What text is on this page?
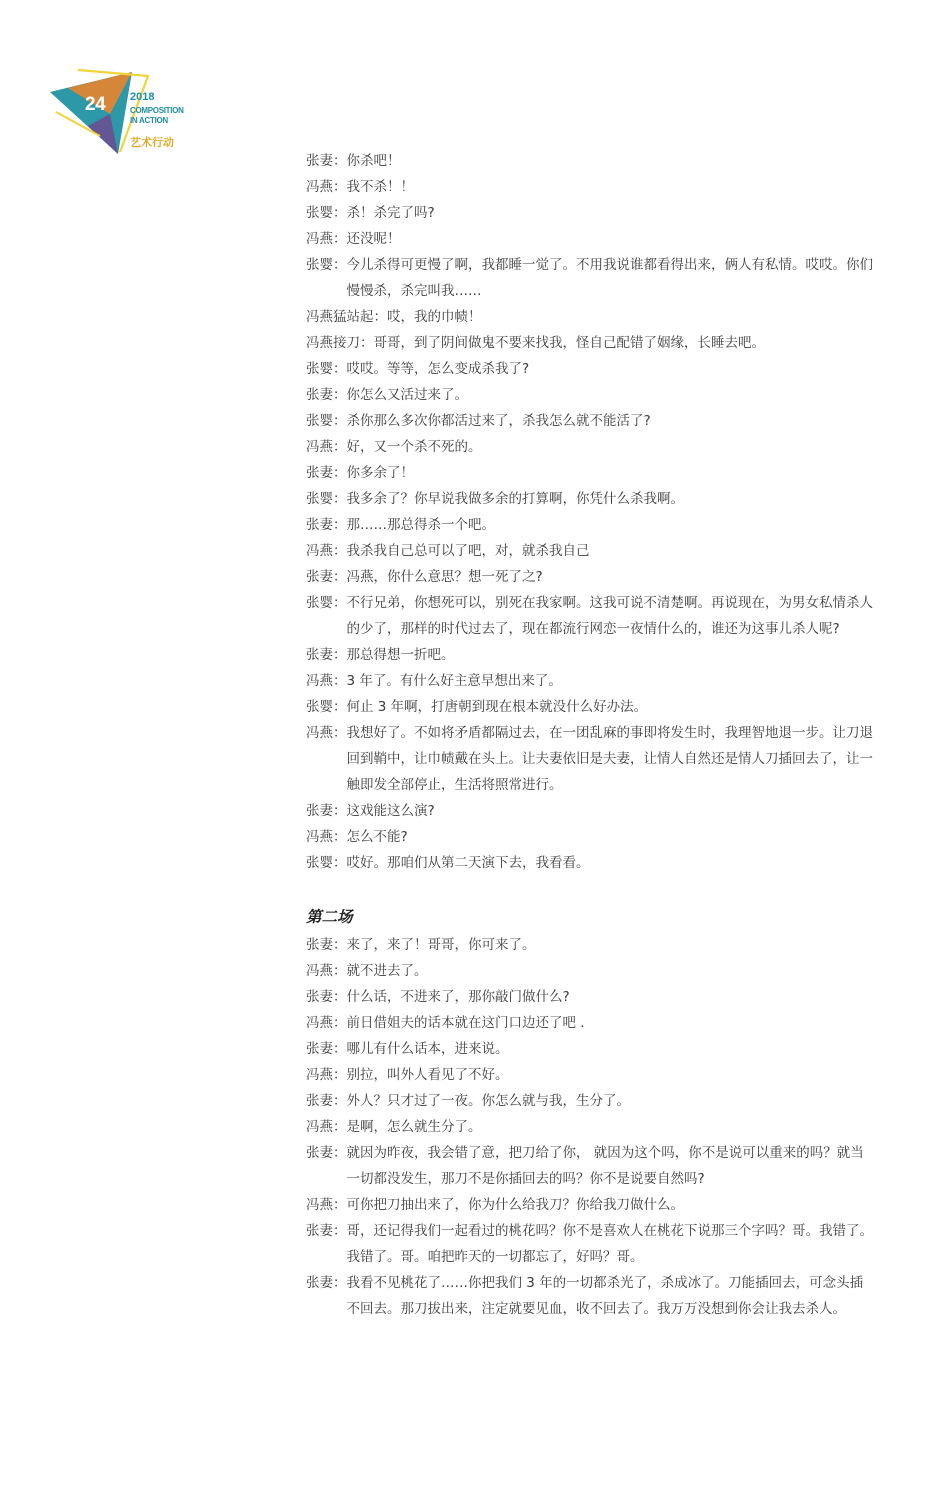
24 2018
COMPOSITION
IN ACTION
艺术行动
张妻： 你杀吧！
冯燕： 我不杀！！
张婴： 杀！杀完了吗?
冯燕： 还没呢！
张婴： 今儿杀得可更慢了啊，我都睡一觉了。不用我说谁都看得出来，俩人有私情。哎哎。你们慢慢杀，杀完叫我……
冯燕猛站起： 哎，我的巾帻！
冯燕接刀： 哥哥，到了阴间做鬼不要来找我，怪自己配错了姻缘，长睡去吧。
张婴： 哎哎。等等，怎么变成杀我了?
张妻： 你怎么又活过来了。
张婴： 杀你那么多次你都活过来了，杀我怎么就不能活了?
冯燕： 好，又一个杀不死的。
张妻： 你多余了！
张婴： 我多余了？你早说我做多余的打算啊，你凭什么杀我啊。
张妻： 那……那总得杀一个吧。
冯燕： 我杀我自己总可以了吧，对，就杀我自己
张妻： 冯燕，你什么意思？想一死了之?
张婴： 不行兄弟，你想死可以，别死在我家啊。这我可说不清楚啊。再说现在，为男女私情杀人的少了，那样的时代过去了，现在都流行网恋一夜情什么的，谁还为这事儿杀人呢?
张妻： 那总得想一折吧。
冯燕： 3 年了。有什么好主意早想出来了。
张婴： 何止 3 年啊，打唐朝到现在根本就没什么好办法。
冯燕： 我想好了。不如将矛盾都隔过去，在一团乱麻的事即将发生时，我理智地退一步。让刀退回到鞘中，让巾帻戴在头上。让夫妻依旧是夫妻，让情人自然还是情人刀插回去了，让一触即发全部停止，生活将照常进行。
张妻： 这戏能这么演?
冯燕： 怎么不能?
张婴： 哎好。那咱们从第二天演下去，我看看。
第二场
张妻： 来了，来了！哥哥，你可来了。
冯燕： 就不进去了。
张妻： 什么话，不进来了，那你敲门做什么?
冯燕： 前日借姐夫的话本就在这门口边还了吧 .
张妻： 哪儿有什么话本，进来说。
冯燕： 别拉，叫外人看见了不好。
张妻： 外人？只才过了一夜。你怎么就与我，生分了。
冯燕： 是啊，怎么就生分了。
张妻： 就因为昨夜，我会错了意，把刀给了你， 就因为这个吗，你不是说可以重来的吗？就当一切都没发生，那刀不是你插回去的吗？你不是说要自然吗?
冯燕： 可你把刀抽出来了，你为什么给我刀？你给我刀做什么。
张妻： 哥，还记得我们一起看过的桃花吗？你不是喜欢人在桃花下说那三个字吗？哥。我错了。我错了。哥。咱把昨天的一切都忘了，好吗？哥。
张妻： 我看不见桃花了……你把我们 3 年的一切都杀光了，杀成冰了。刀能插回去，可念头插不回去。那刀拔出来，注定就要见血，收不回去了。我万万没想到你会让我去杀人。
